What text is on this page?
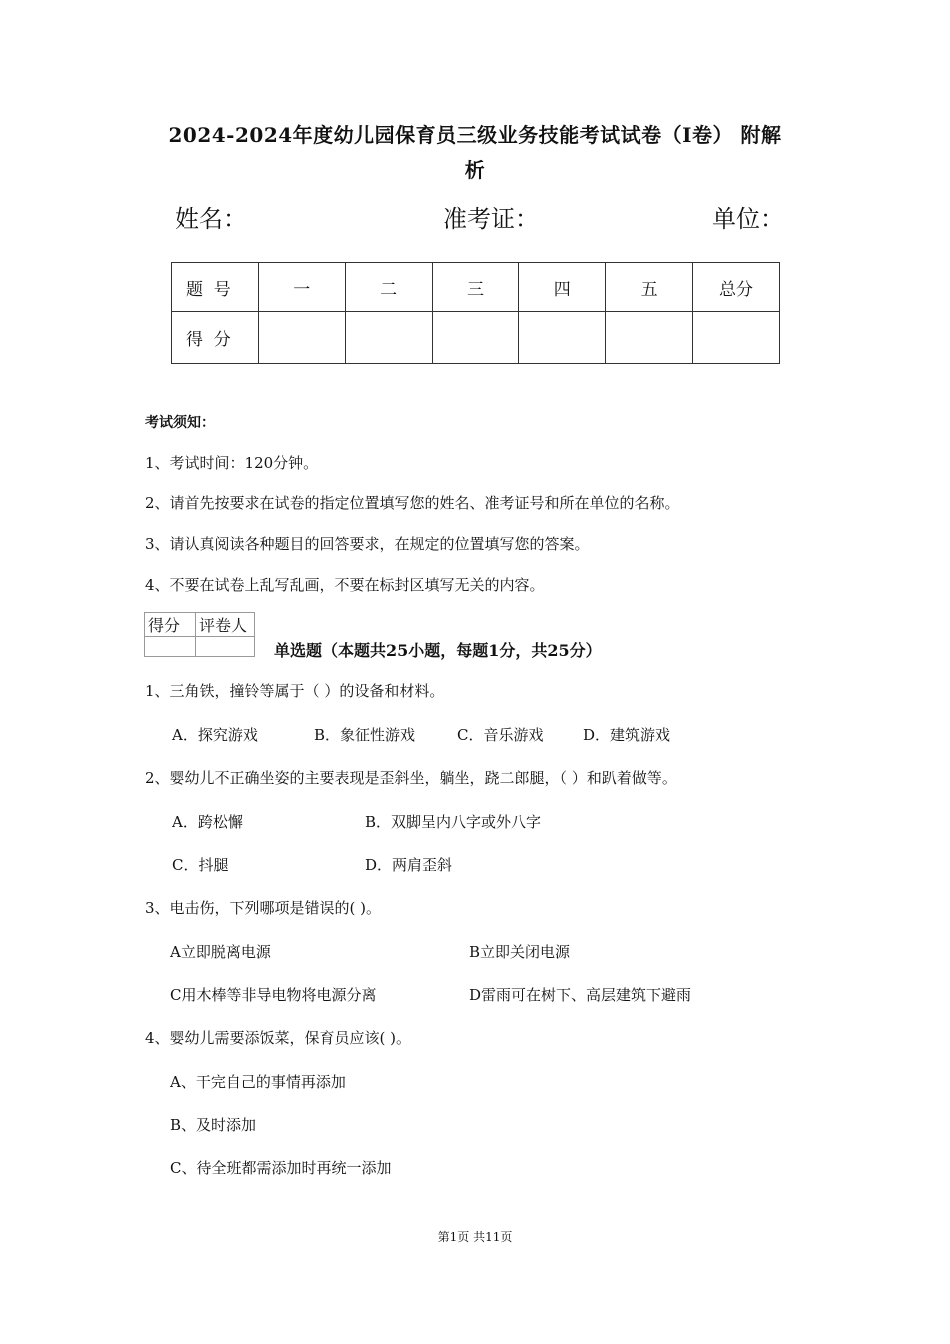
2024-2024年度幼儿园保育员三级业务技能考试试卷（I卷） 附解
析
姓名：	准考证：	单位：
题  号	一	二	三	四	五	总分
得  分						
考试须知：
1、考试时间：120分钟。
2、请首先按要求在试卷的指定位置填写您的姓名、准考证号和所在单位的名称。
3、请认真阅读各种题目的回答要求，在规定的位置填写您的答案。
4、不要在试卷上乱写乱画，不要在标封区填写无关的内容。
得分	评卷人

单选题（本题共25小题，每题1分，共25分）
1、三角铁，撞铃等属于（ ）的设备和材料。
A．探究游戏	B．象征性游戏	C．音乐游戏	D．建筑游戏
2、婴幼儿不正确坐姿的主要表现是歪斜坐，躺坐，跷二郎腿，（ ）和趴着做等。
A．跨松懈	B．双脚呈内八字或外八字
C．抖腿	D．两肩歪斜
3、电击伤，下列哪项是错误的( )。
A立即脱离电源	B立即关闭电源
C用木棒等非导电物将电源分离	D雷雨可在树下、高层建筑下避雨
4、婴幼儿需要添饭菜，保育员应该( )。
A、干完自己的事情再添加
B、及时添加
C、待全班都需添加时再统一添加
第1页 共11页
